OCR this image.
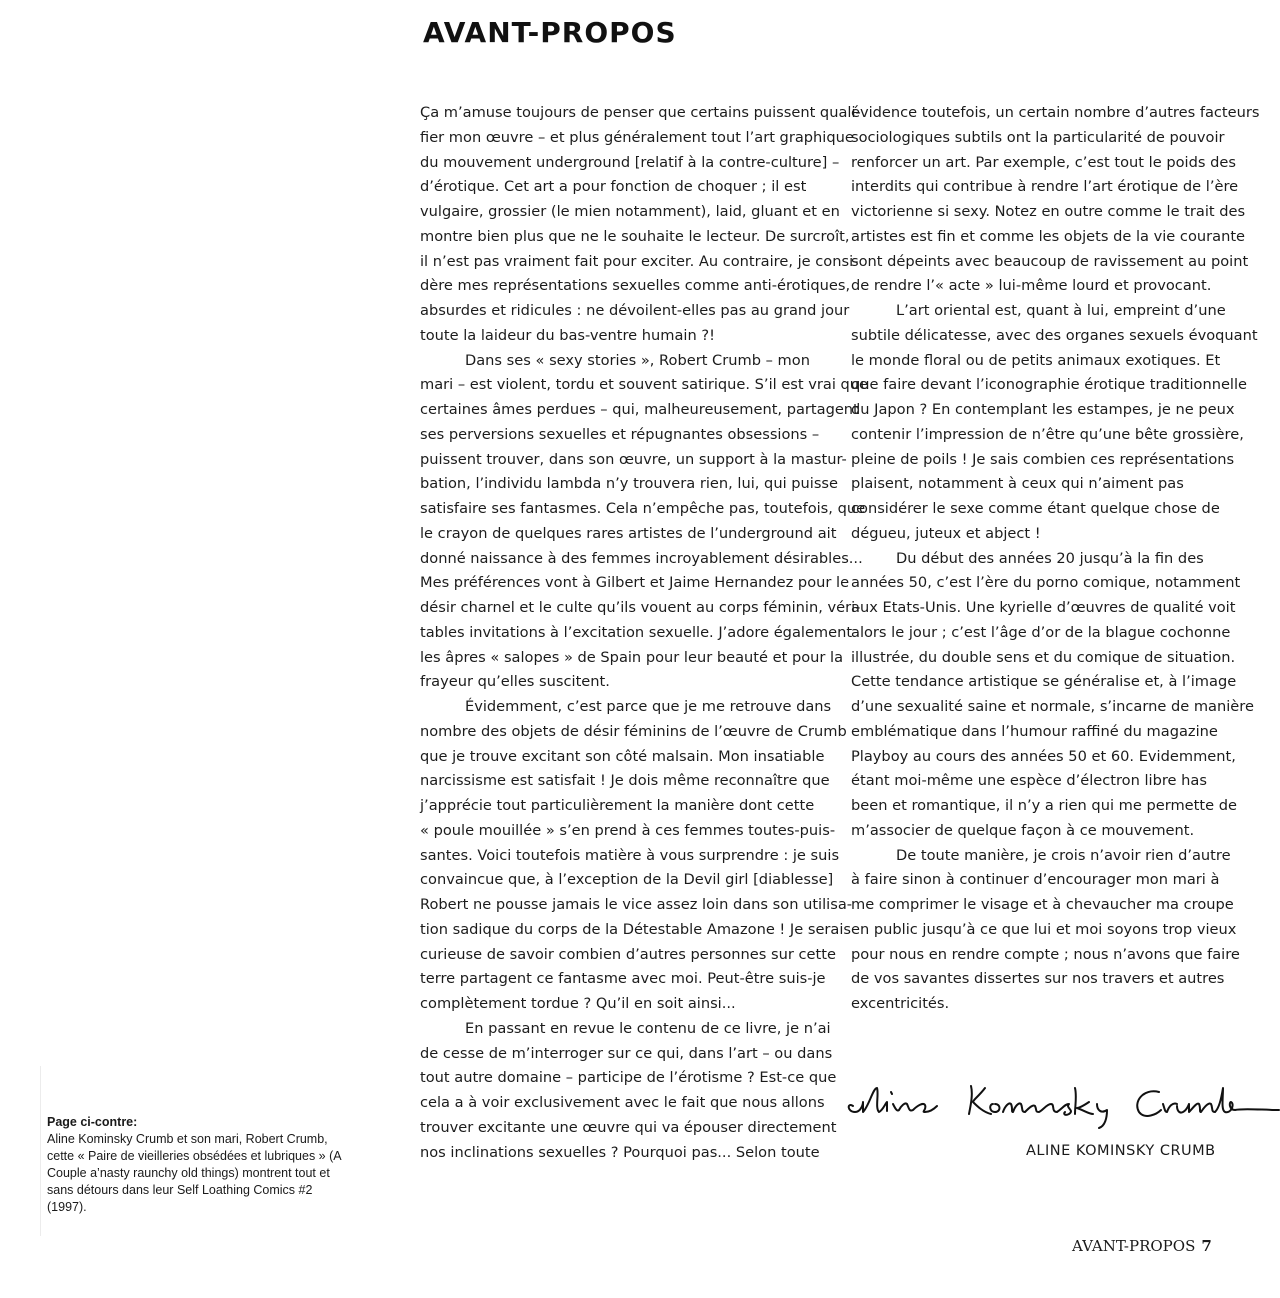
AVANT-PROPOS
Ça m’amuse toujours de penser que certains puissent quali-
fier mon œuvre – et plus généralement tout l’art graphique
du mouvement underground [relatif à la contre-culture] –
d’érotique. Cet art a pour fonction de choquer ; il est
vulgaire, grossier (le mien notamment), laid, gluant et en
montre bien plus que ne le souhaite le lecteur. De surcroît,
il n’est pas vraiment fait pour exciter. Au contraire, je consi-
dère mes représentations sexuelles comme anti-érotiques,
absurdes et ridicules : ne dévoilent-elles pas au grand jour
toute la laideur du bas-ventre humain ?!
Dans ses « sexy stories », Robert Crumb – mon
mari – est violent, tordu et souvent satirique. S’il est vrai que
certaines âmes perdues – qui, malheureusement, partagent
ses perversions sexuelles et répugnantes obsessions –
puissent trouver, dans son œuvre, un support à la mastur-
bation, l’individu lambda n’y trouvera rien, lui, qui puisse
satisfaire ses fantasmes. Cela n’empêche pas, toutefois, que
le crayon de quelques rares artistes de l’underground ait
donné naissance à des femmes incroyablement désirables...
Mes préférences vont à Gilbert et Jaime Hernandez pour le
désir charnel et le culte qu’ils vouent au corps féminin, véri-
tables invitations à l’excitation sexuelle. J’adore également
les âpres « salopes » de Spain pour leur beauté et pour la
frayeur qu’elles suscitent.
Évidemment, c’est parce que je me retrouve dans
nombre des objets de désir féminins de l’œuvre de Crumb
que je trouve excitant son côté malsain. Mon insatiable
narcissisme est satisfait ! Je dois même reconnaître que
j’apprécie tout particulièrement la manière dont cette
« poule mouillée » s’en prend à ces femmes toutes-puis-
santes. Voici toutefois matière à vous surprendre : je suis
convaincue que, à l’exception de la Devil girl [diablesse]
Robert ne pousse jamais le vice assez loin dans son utilisa-
tion sadique du corps de la Détestable Amazone ! Je serais
curieuse de savoir combien d’autres personnes sur cette
terre partagent ce fantasme avec moi. Peut-être suis-je
complètement tordue ? Qu’il en soit ainsi...
En passant en revue le contenu de ce livre, je n’ai
de cesse de m’interroger sur ce qui, dans l’art – ou dans
tout autre domaine – participe de l’érotisme ? Est-ce que
cela a à voir exclusivement avec le fait que nous allons
trouver excitante une œuvre qui va épouser directement
nos inclinations sexuelles ? Pourquoi pas... Selon toute
évidence toutefois, un certain nombre d’autres facteurs
sociologiques subtils ont la particularité de pouvoir
renforcer un art. Par exemple, c’est tout le poids des
interdits qui contribue à rendre l’art érotique de l’ère
victorienne si sexy. Notez en outre comme le trait des
artistes est fin et comme les objets de la vie courante
sont dépeints avec beaucoup de ravissement au point
de rendre l’« acte » lui-même lourd et provocant.
L’art oriental est, quant à lui, empreint d’une
subtile délicatesse, avec des organes sexuels évoquant
le monde floral ou de petits animaux exotiques. Et
que faire devant l’iconographie érotique traditionnelle
du Japon ? En contemplant les estampes, je ne peux
contenir l’impression de n’être qu’une bête grossière,
pleine de poils ! Je sais combien ces représentations
plaisent, notamment à ceux qui n’aiment pas
considérer le sexe comme étant quelque chose de
dégueu, juteux et abject !
Du début des années 20 jusqu’à la fin des
années 50, c’est l’ère du porno comique, notamment
aux Etats-Unis. Une kyrielle d’œuvres de qualité voit
alors le jour ; c’est l’âge d’or de la blague cochonne
illustrée, du double sens et du comique de situation.
Cette tendance artistique se généralise et, à l’image
d’une sexualité saine et normale, s’incarne de manière
emblématique dans l’humour raffiné du magazine
Playboy au cours des années 50 et 60. Evidemment,
étant moi-même une espèce d’électron libre has
been et romantique, il n’y a rien qui me permette de
m’associer de quelque façon à ce mouvement.
De toute manière, je crois n’avoir rien d’autre
à faire sinon à continuer d’encourager mon mari à
me comprimer le visage et à chevaucher ma croupe
en public jusqu’à ce que lui et moi soyons trop vieux
pour nous en rendre compte ; nous n’avons que faire
de vos savantes dissertes sur nos travers et autres
excentricités.
Page ci-contre:
Aline Kominsky Crumb et son mari, Robert Crumb, cette « Paire de vieilleries obsédées et lubriques » (A Couple a’nasty raunchy old things) montrent tout et sans détours dans leur Self Loathing Comics #2 (1997).
ALINE KOMINSKY CRUMB
AVANT-PROPOS 7
